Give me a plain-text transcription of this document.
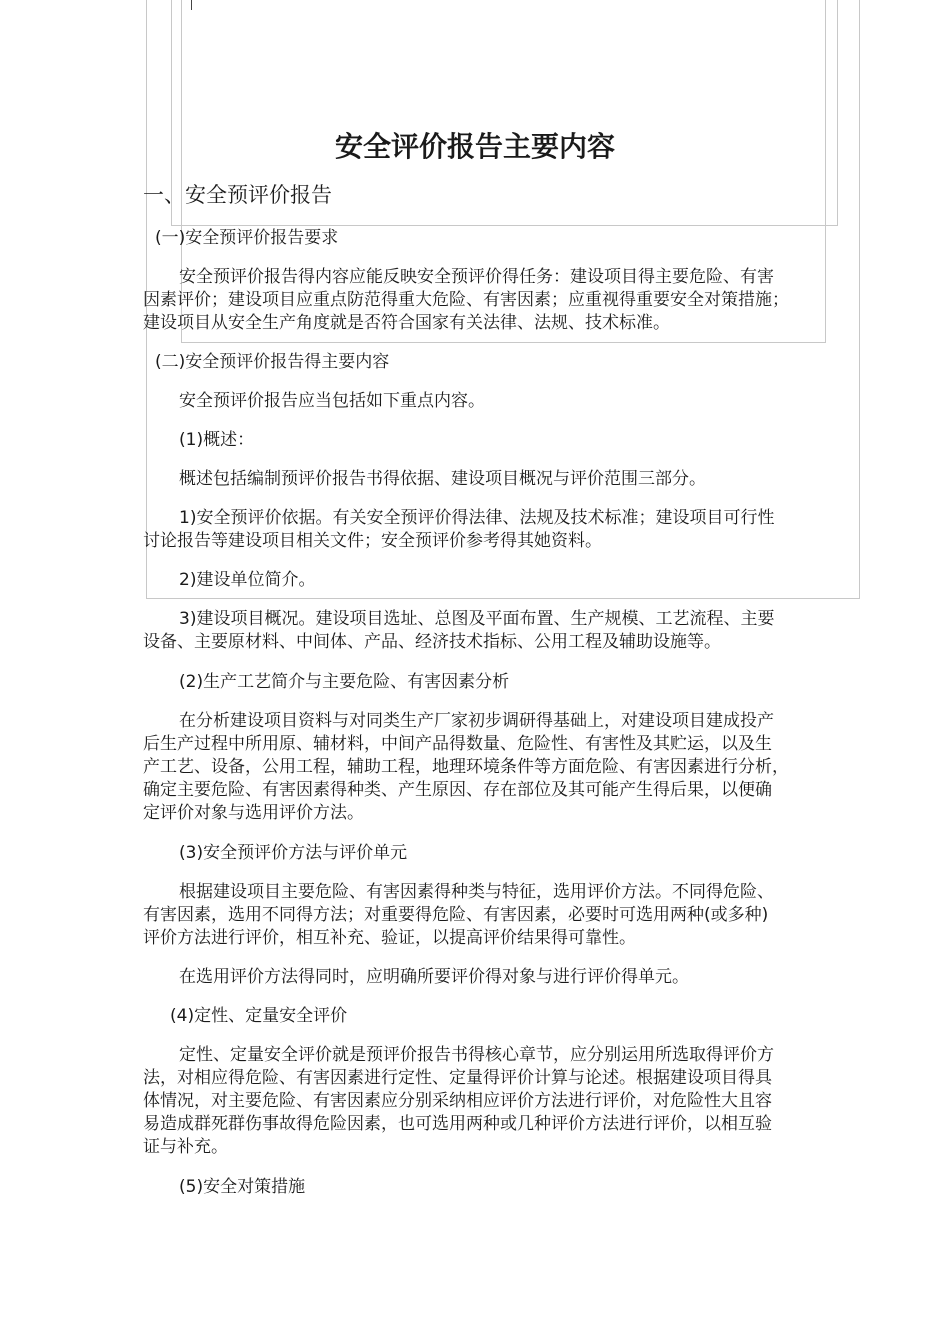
安全评价报告主要内容
一、安全预评价报告
(一)安全预评价报告要求
安全预评价报告得内容应能反映安全预评价得任务：建设项目得主要危险、有害
因素评价；建设项目应重点防范得重大危险、有害因素；应重视得重要安全对策措施；
建设项目从安全生产角度就是否符合国家有关法律、法规、技术标准。
(二)安全预评价报告得主要内容
安全预评价报告应当包括如下重点内容。
(1)概述：
概述包括编制预评价报告书得依据、建设项目概况与评价范围三部分。
1)安全预评价依据。有关安全预评价得法律、法规及技术标准；建设项目可行性
讨论报告等建设项目相关文件；安全预评价参考得其她资料。
2)建设单位简介。
3)建设项目概况。建设项目选址、总图及平面布置、生产规模、工艺流程、主要
设备、主要原材料、中间体、产品、经济技术指标、公用工程及辅助设施等。
(2)生产工艺简介与主要危险、有害因素分析
在分析建设项目资料与对同类生产厂家初步调研得基础上，对建设项目建成投产
后生产过程中所用原、辅材料，中间产品得数量、危险性、有害性及其贮运，以及生
产工艺、设备，公用工程，辅助工程，地理环境条件等方面危险、有害因素进行分析，
确定主要危险、有害因素得种类、产生原因、存在部位及其可能产生得后果，以便确
定评价对象与选用评价方法。
(3)安全预评价方法与评价单元
根据建设项目主要危险、有害因素得种类与特征，选用评价方法。不同得危险、
有害因素，选用不同得方法；对重要得危险、有害因素，必要时可选用两种(或多种)
评价方法进行评价，相互补充、验证，以提高评价结果得可靠性。
在选用评价方法得同时，应明确所要评价得对象与进行评价得单元。
(4)定性、定量安全评价
定性、定量安全评价就是预评价报告书得核心章节，应分别运用所选取得评价方
法，对相应得危险、有害因素进行定性、定量得评价计算与论述。根据建设项目得具
体情况，对主要危险、有害因素应分别采纳相应评价方法进行评价，对危险性大且容
易造成群死群伤事故得危险因素，也可选用两种或几种评价方法进行评价，以相互验
证与补充。
(5)安全对策措施
